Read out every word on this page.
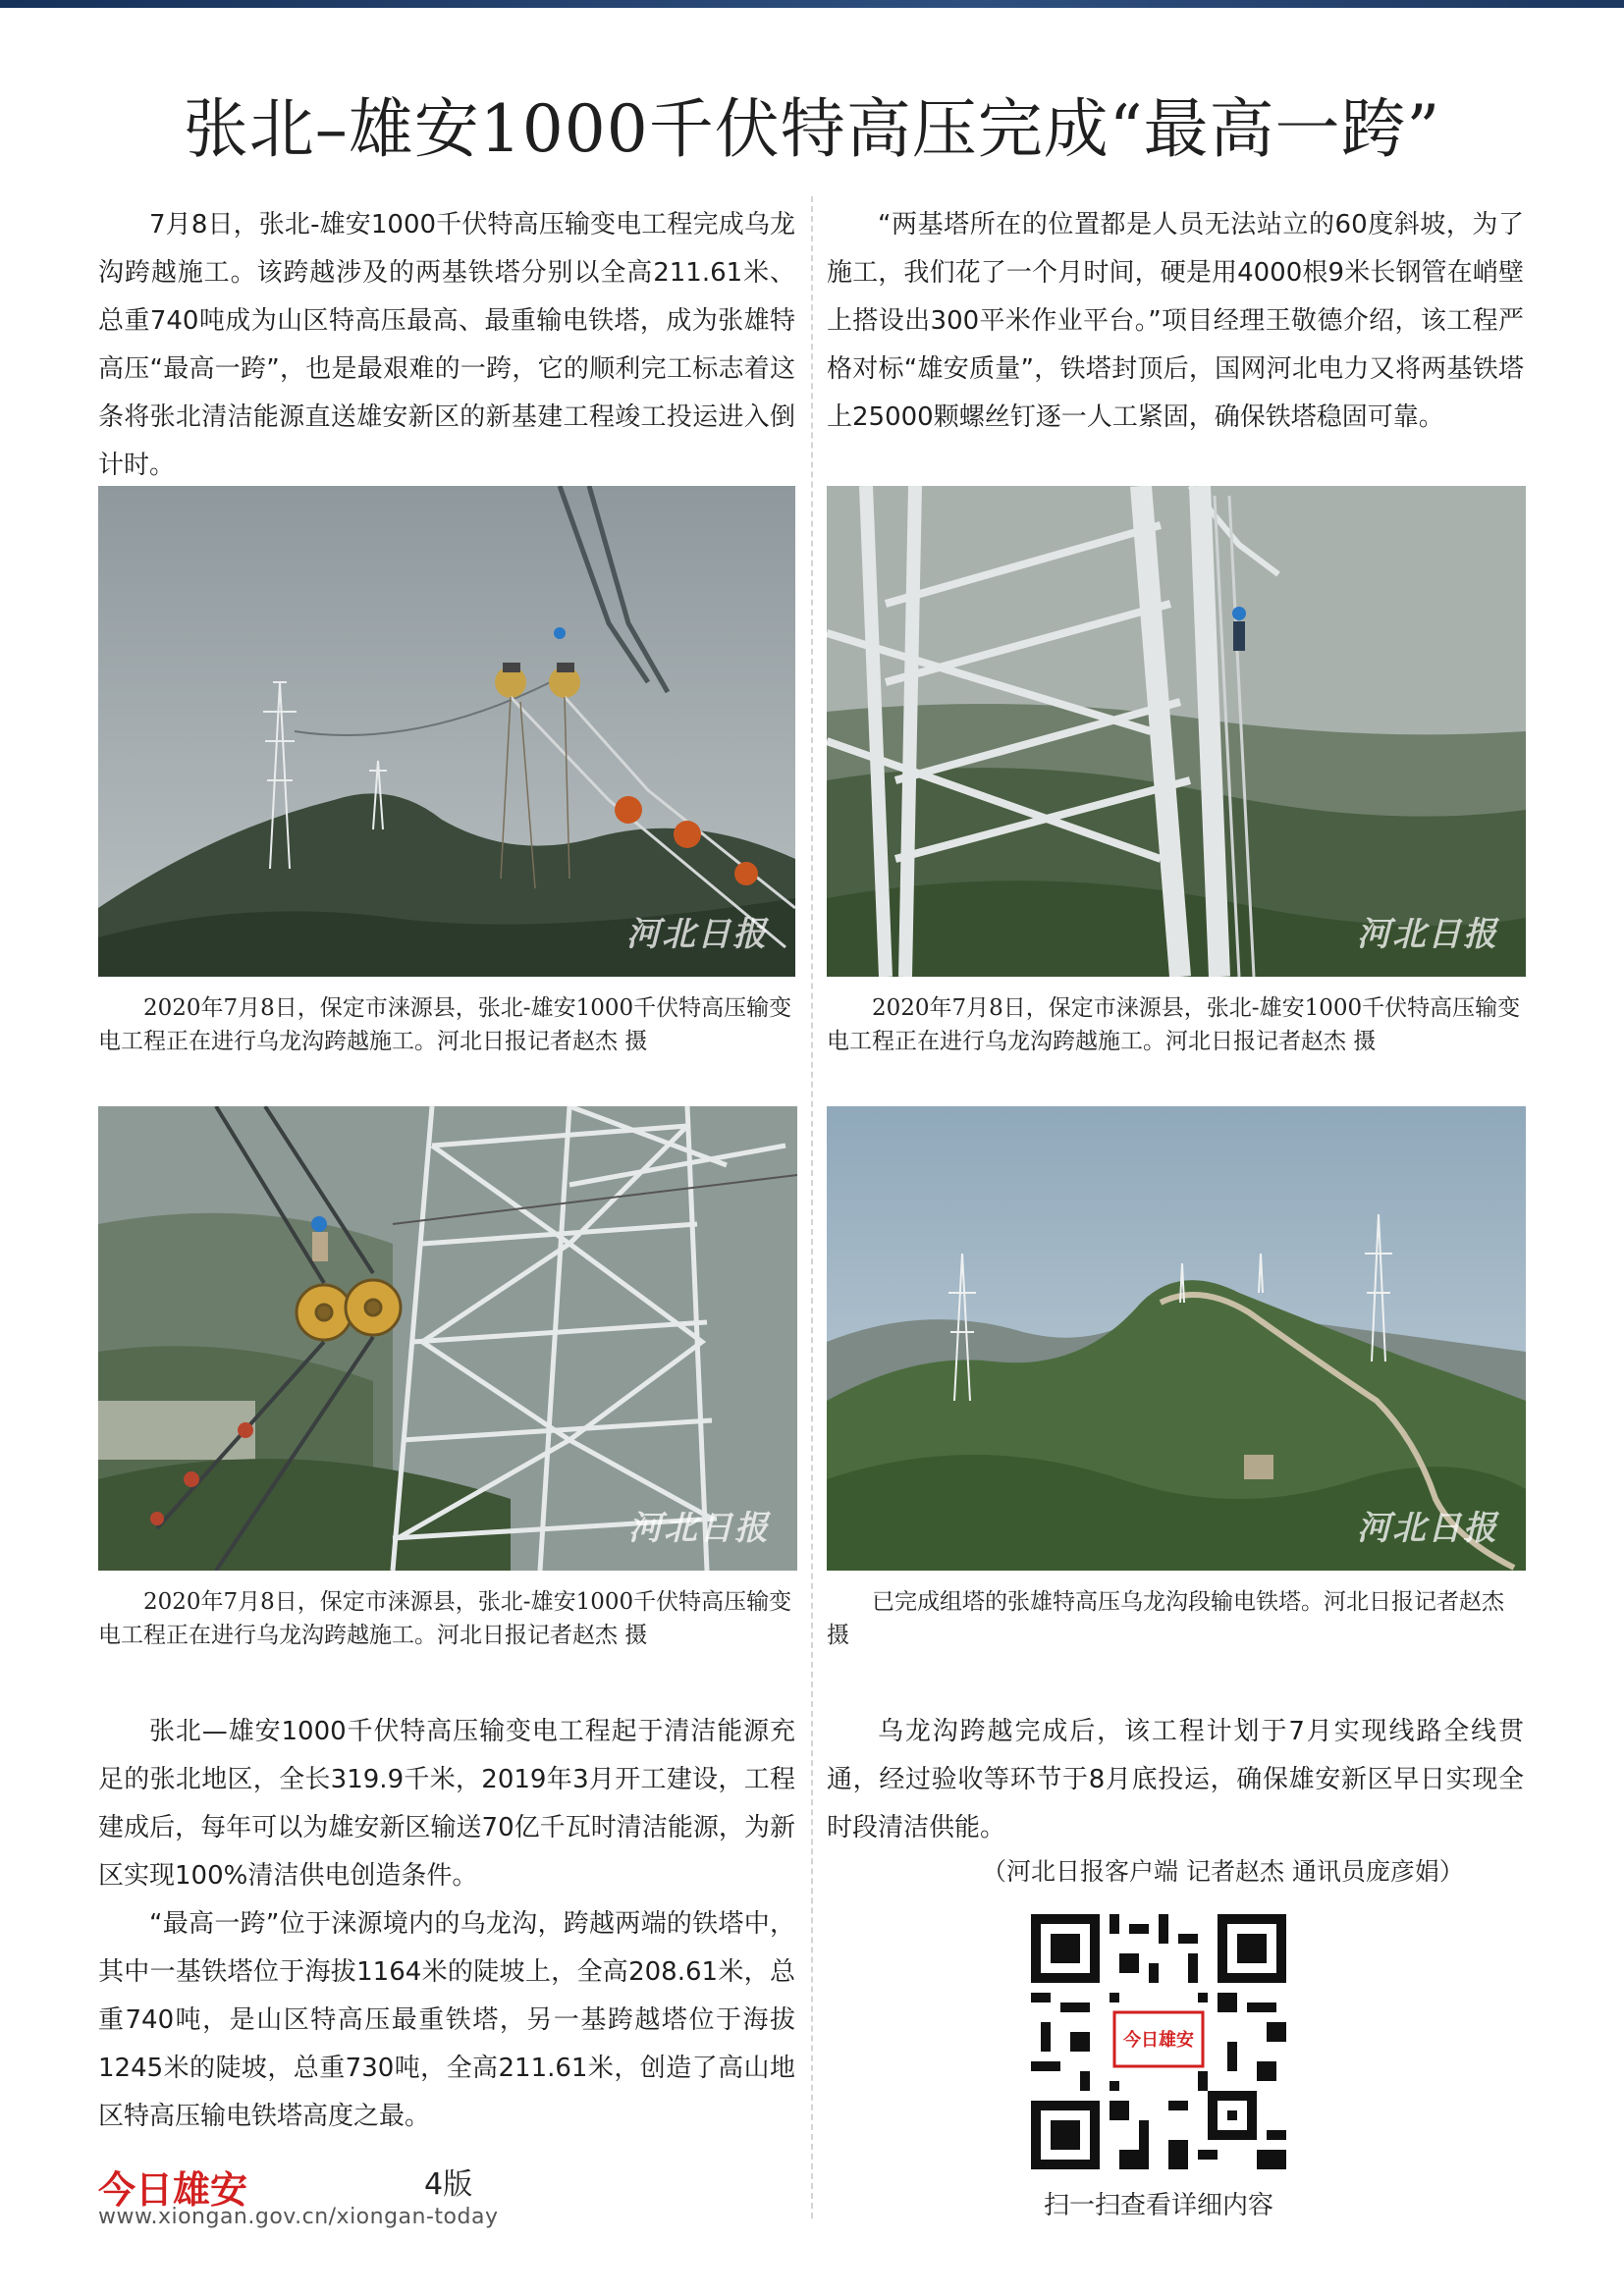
张北–雄安1000千伏特高压完成“最高一跨”

7月8日，张北-雄安1000千伏特高压输变电工程完成乌龙沟跨越施工。该跨越涉及的两基铁塔分别以全高211.61米、总重740吨成为山区特高压最高、最重输电铁塔，成为张雄特高压“最高一跨”，也是最艰难的一跨，它的顺利完工标志着这条将张北清洁能源直送雄安新区的新基建工程竣工投运进入倒计时。

“两基塔所在的位置都是人员无法站立的60度斜坡，为了施工，我们花了一个月时间，硬是用4000根9米长钢管在峭壁上搭设出300平米作业平台。”项目经理王敬德介绍，该工程严格对标“雄安质量”，铁塔封顶后，国网河北电力又将两基铁塔上25000颗螺丝钉逐一人工紧固，确保铁塔稳固可靠。

河北日报
2020年7月8日，保定市涞源县，张北-雄安1000千伏特高压输变电工程正在进行乌龙沟跨越施工。河北日报记者赵杰 摄
河北日报
2020年7月8日，保定市涞源县，张北-雄安1000千伏特高压输变电工程正在进行乌龙沟跨越施工。河北日报记者赵杰 摄
河北日报
2020年7月8日，保定市涞源县，张北-雄安1000千伏特高压输变电工程正在进行乌龙沟跨越施工。河北日报记者赵杰 摄
河北日报
已完成组塔的张雄特高压乌龙沟段输电铁塔。河北日报记者赵杰 摄

张北—雄安1000千伏特高压输变电工程起于清洁能源充足的张北地区，全长319.9千米，2019年3月开工建设，工程建成后，每年可以为雄安新区输送70亿千瓦时清洁能源，为新区实现100%清洁供电创造条件。

“最高一跨”位于涞源境内的乌龙沟，跨越两端的铁塔中，其中一基铁塔位于海拔1164米的陡坡上，全高208.61米，总重740吨，是山区特高压最重铁塔，另一基跨越塔位于海拔1245米的陡坡，总重730吨，全高211.61米，创造了高山地区特高压输电铁塔高度之最。

乌龙沟跨越完成后，该工程计划于7月实现线路全线贯通，经过验收等环节于8月底投运，确保雄安新区早日实现全时段清洁供能。

（河北日报客户端 记者赵杰 通讯员庞彦娟）
今日雄安
扫一扫查看详细内容
今日雄安	4版
www.xiongan.gov.cn/xiongan-today
